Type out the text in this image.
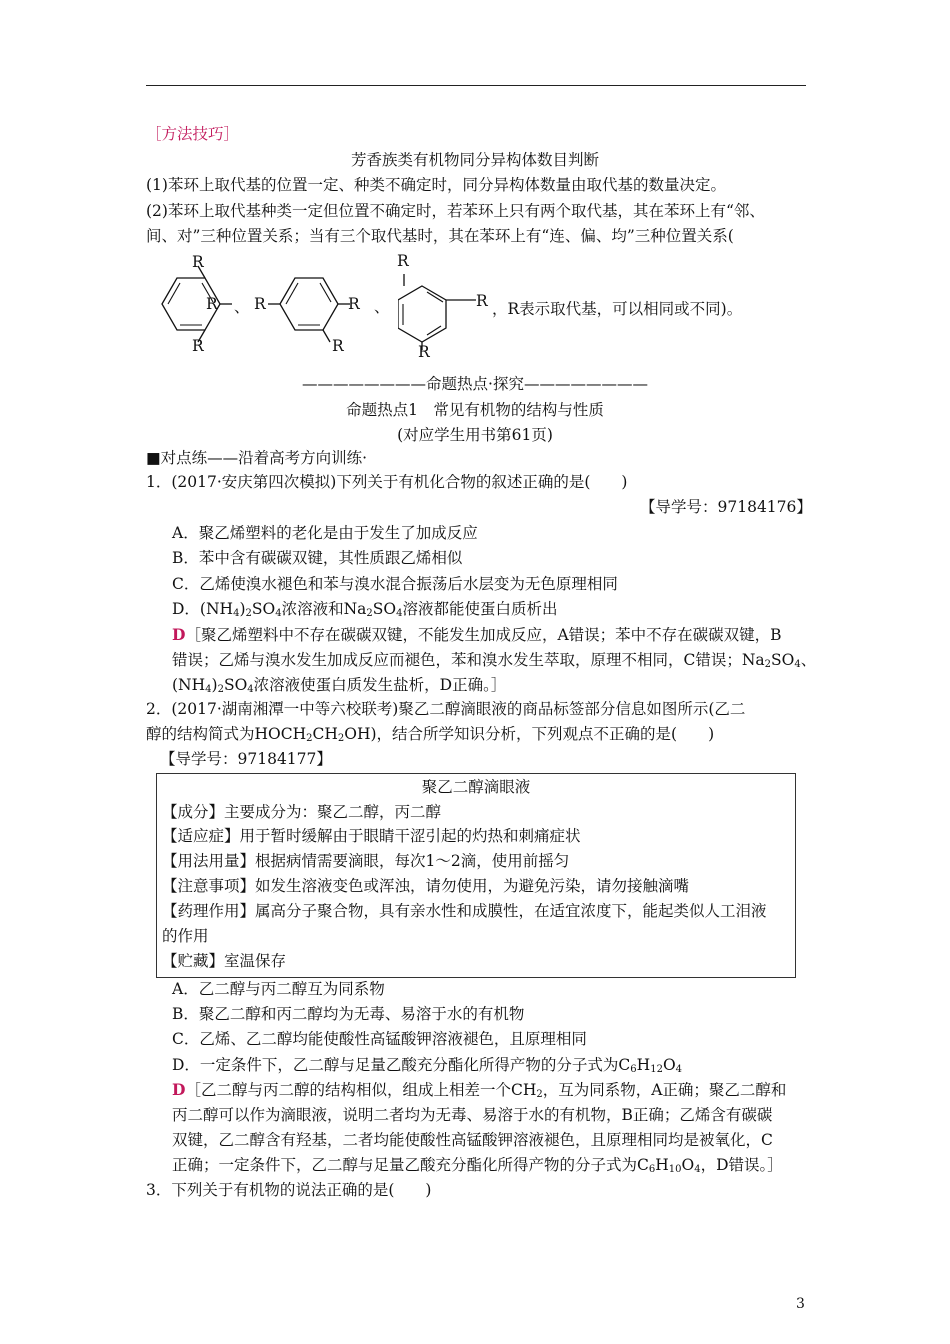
［方法技巧］
芳香族类有机物同分异构体数目判断
(1)苯环上取代基的位置一定、种类不确定时，同分异构体数量由取代基的数量决定。
(2)苯环上取代基种类一定但位置不确定时，若苯环上只有两个取代基，其在苯环上有“邻、
间、对”三种位置关系；当有三个取代基时，其在苯环上有“连、偏、均”三种位置关系(
R
R
R
、 R	R
R
、
R
R
R
，R表示取代基，可以相同或不同)。
————————命题热点·探究————————
命题热点1　常见有机物的结构与性质
(对应学生用书第61页)
■对点练——沿着高考方向训练·
1．(2017·安庆第四次模拟)下列关于有机化合物的叙述正确的是(　　)
【导学号：97184176】
A．聚乙烯塑料的老化是由于发生了加成反应
B．苯中含有碳碳双键，其性质跟乙烯相似
C．乙烯使溴水褪色和苯与溴水混合振荡后水层变为无色原理相同
D．$(NH_4)_2SO_4$浓溶液和$Na_2SO_4$溶液都能使蛋白质析出
D［聚乙烯塑料中不存在碳碳双键，不能发生加成反应，A错误；苯中不存在碳碳双键，B
错误；乙烯与溴水发生加成反应而褪色，苯和溴水发生萃取，原理不相同，C错误；$Na_2SO_4$、
$(NH_4)_2SO_4$浓溶液使蛋白质发生盐析，D正确。］
2．(2017·湖南湘潭一中等六校联考)聚乙二醇滴眼液的商品标签部分信息如图所示(乙二
醇的结构简式为$HOCH_2CH_2OH$)，结合所学知识分析，下列观点不正确的是(　　)
【导学号：97184177】
聚乙二醇滴眼液
【成分】主要成分为：聚乙二醇，丙二醇
【适应症】用于暂时缓解由于眼睛干涩引起的灼热和刺痛症状
【用法用量】根据病情需要滴眼，每次1～2滴，使用前摇匀
【注意事项】如发生溶液变色或浑浊，请勿使用，为避免污染，请勿接触滴嘴
【药理作用】属高分子聚合物，具有亲水性和成膜性，在适宜浓度下，能起类似人工泪液
的作用
【贮藏】室温保存
A．乙二醇与丙二醇互为同系物
B．聚乙二醇和丙二醇均为无毒、易溶于水的有机物
C．乙烯、乙二醇均能使酸性高锰酸钾溶液褪色，且原理相同
D．一定条件下，乙二醇与足量乙酸充分酯化所得产物的分子式为$C_6H_{12}O_4$
D［乙二醇与丙二醇的结构相似，组成上相差一个$CH_2$，互为同系物，A正确；聚乙二醇和
丙二醇可以作为滴眼液，说明二者均为无毒、易溶于水的有机物，B正确；乙烯含有碳碳
双键，乙二醇含有羟基，二者均能使酸性高锰酸钾溶液褪色，且原理相同均是被氧化，C
正确；一定条件下，乙二醇与足量乙酸充分酯化所得产物的分子式为$C_6H_{10}O_4$，D错误。］
3．下列关于有机物的说法正确的是(　　)
3
